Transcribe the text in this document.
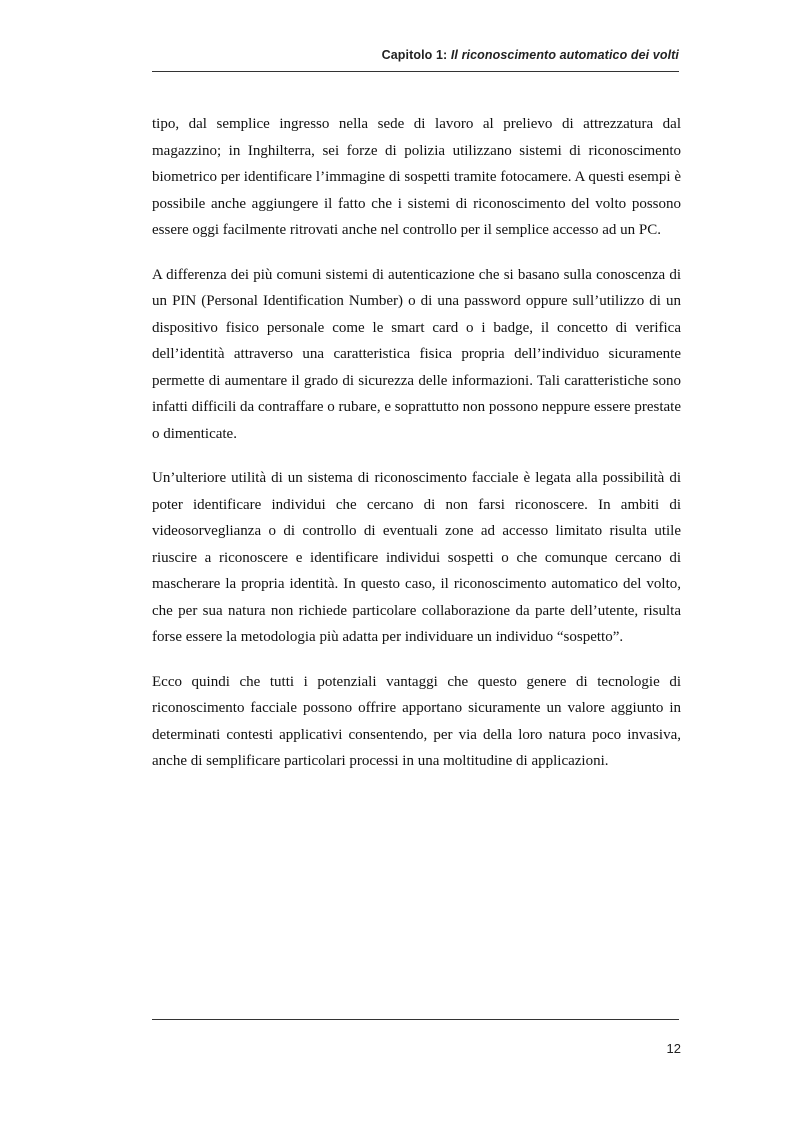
Capitolo 1: Il riconoscimento automatico dei volti

tipo, dal semplice ingresso nella sede di lavoro al prelievo di attrezzatura dal magazzino; in Inghilterra, sei forze di polizia utilizzano sistemi di riconoscimento biometrico per identificare l’immagine di sospetti tramite fotocamere. A questi esempi è possibile anche aggiungere il fatto che i sistemi di riconoscimento del volto possono essere oggi facilmente ritrovati anche nel controllo per il semplice accesso ad un PC.

A differenza dei più comuni sistemi di autenticazione che si basano sulla conoscenza di un PIN (Personal Identification Number) o di una password oppure sull’utilizzo di un dispositivo fisico personale come le smart card o i badge, il concetto di verifica dell’identità attraverso una caratteristica fisica propria dell’individuo sicuramente permette di aumentare il grado di sicurezza delle informazioni. Tali caratteristiche sono infatti difficili da contraffare o rubare, e soprattutto non possono neppure essere prestate o dimenticate.

Un’ulteriore utilità di un sistema di riconoscimento facciale è legata alla possibilità di poter identificare individui che cercano di non farsi riconoscere. In ambiti di videosorveglianza o di controllo di eventuali zone ad accesso limitato risulta utile riuscire a riconoscere e identificare individui sospetti o che comunque cercano di mascherare la propria identità. In questo caso, il riconoscimento automatico del volto, che per sua natura non richiede particolare collaborazione da parte dell’utente, risulta forse essere la metodologia più adatta per individuare un individuo “sospetto”.

Ecco quindi che tutti i potenziali vantaggi che questo genere di tecnologie di riconoscimento facciale possono offrire apportano sicuramente un valore aggiunto in determinati contesti applicativi consentendo, per via della loro natura poco invasiva, anche di semplificare particolari processi in una moltitudine di applicazioni.

12
